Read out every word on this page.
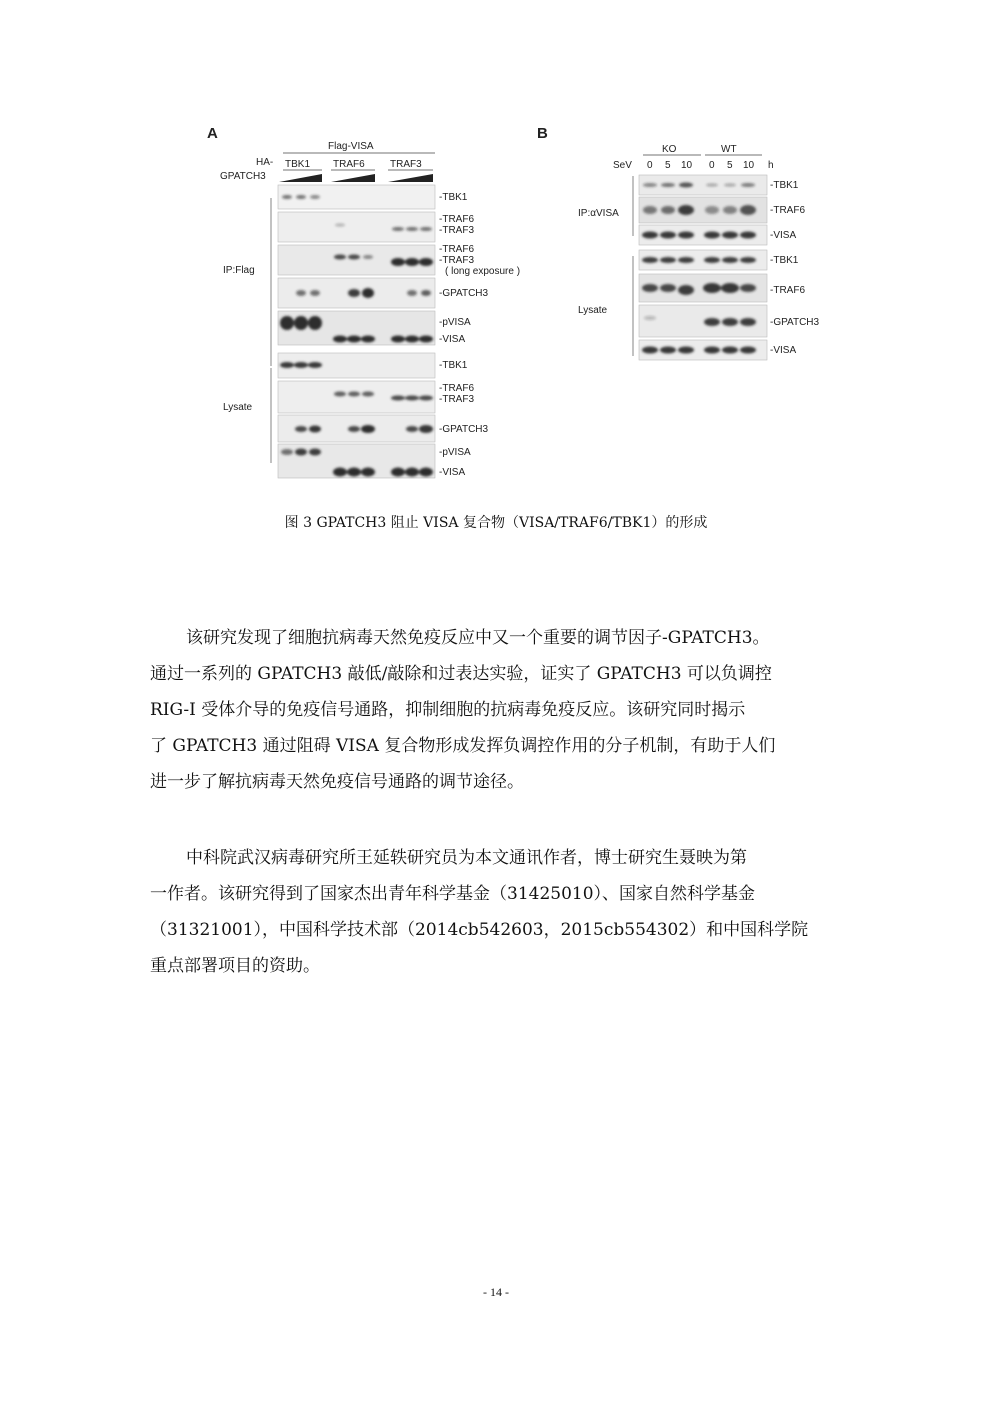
A
Flag-VISA
HA-
GPATCH3
TBK1 TRAF6	TRAF3
IP:Flag
Lysate
-TBK1
-TRAF6
-TRAF3
-TRAF6
-TRAF3
( long exposure )
-GPATCH3
-pVISA
-VISA
-TBK1
-TRAF6
-TRAF3
-GPATCH3
-pVISA
-VISA
B
KO	WT
SeV 0 5 10 0 5 10 h
IP:αVISA
Lysate
-TBK1
-TRAF6
-VISA
-TBK1
-TRAF6
-GPATCH3
-VISA
图 3 GPATCH3 阻止 VISA 复合物（VISA/TRAF6/TBK1）的形成
该研究发现了细胞抗病毒天然免疫反应中又一个重要的调节因子-GPATCH3。
通过一系列的 GPATCH3 敲低/敲除和过表达实验，证实了 GPATCH3 可以负调控
RIG-I 受体介导的免疫信号通路，抑制细胞的抗病毒免疫反应。该研究同时揭示
了 GPATCH3 通过阻碍 VISA 复合物形成发挥负调控作用的分子机制，有助于人们
进一步了解抗病毒天然免疫信号通路的调节途径。
中科院武汉病毒研究所王延轶研究员为本文通讯作者，博士研究生聂映为第
一作者。该研究得到了国家杰出青年科学基金（31425010）、国家自然科学基金
（31321001），中国科学技术部（2014cb542603，2015cb554302）和中国科学院
重点部署项目的资助。
- 14 -
